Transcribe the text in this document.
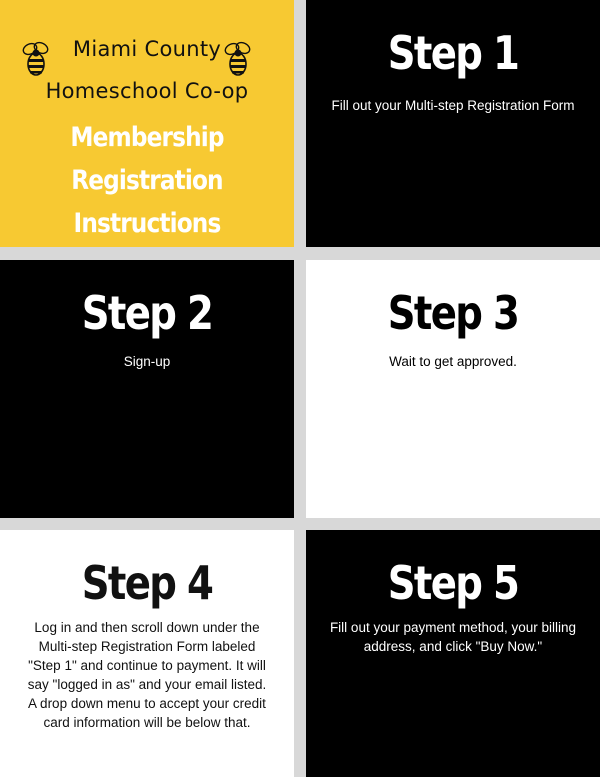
Miami County
Homeschool Co-op
Membership
Registration
Instructions
Step 1
Fill out your Multi-step Registration Form
Step 2
Sign-up
Step 3
Wait to get approved.
Step 4
Log in and then scroll down under the Multi-step Registration Form labeled "Step 1" and continue to payment. It will say "logged in as" and your email listed. A drop down menu to accept your credit card information will be below that.
Step 5
Fill out your payment method, your billing address, and click "Buy Now."
